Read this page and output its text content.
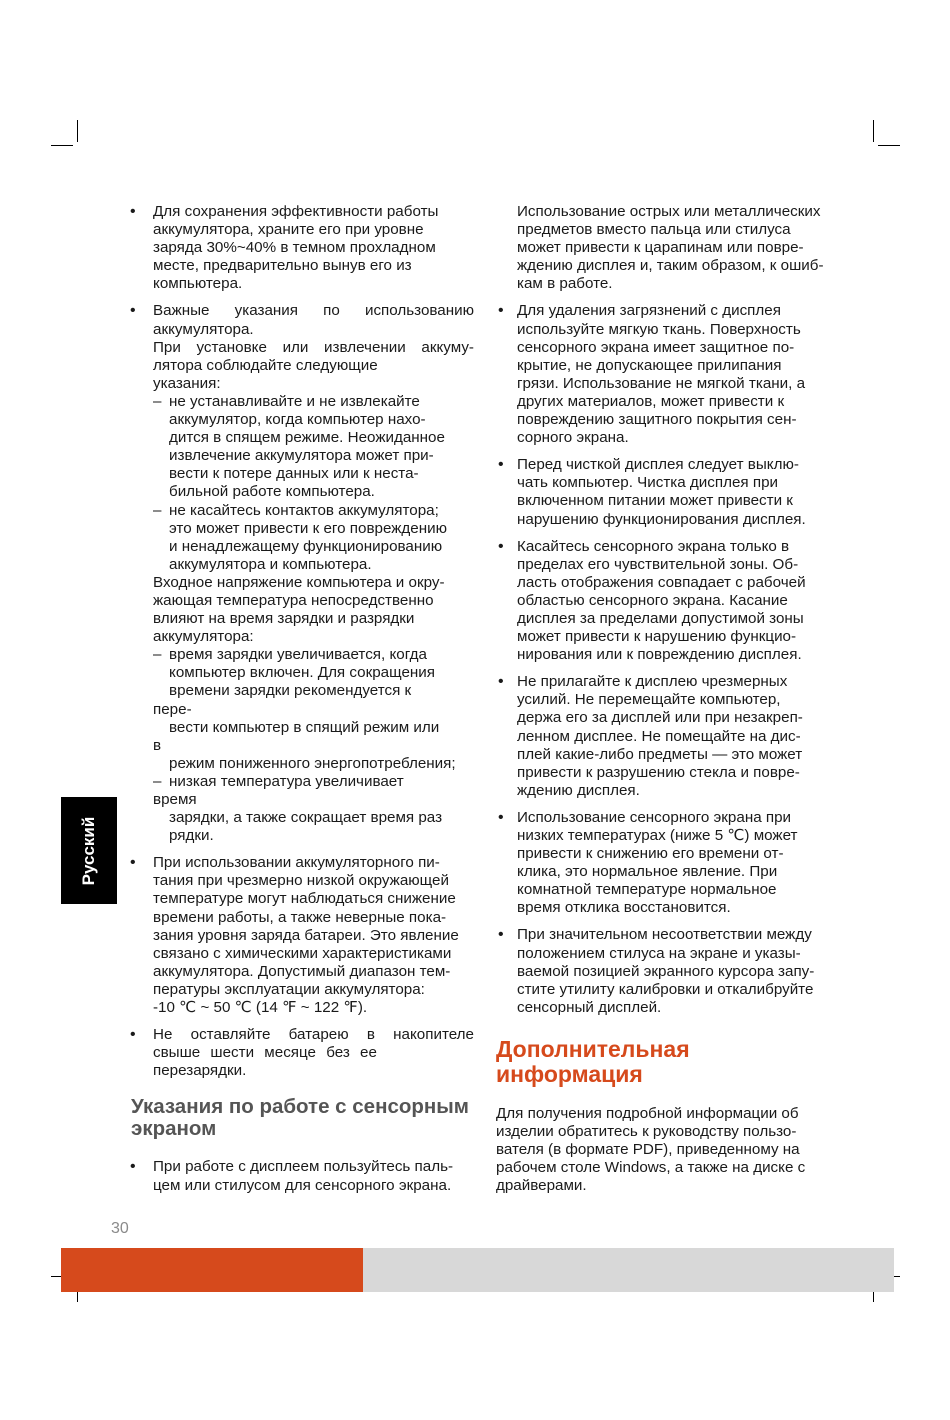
Русский
• Для сохранения эффективности работы
аккумулятора, храните его при уровне
заряда 30%~40% в темном прохладном
месте, предварительно вынув его из
компьютера.
• Важные указания по использованию
аккумулятора.
При установке или извлечении аккуму-
лятора соблюдайте следующие
указания:
– не устанавливайте и не извлекайте
аккумулятор, когда компьютер нахо-
дится в спящем режиме. Неожиданное
извлечение аккумулятора может при-
вести к потере данных или к неста-
бильной работе компьютера.
– не касайтесь контактов аккумулятора;
это может привести к его повреждению
и ненадлежащему функционированию
аккумулятора и компьютера.
Входное напряжение компьютера и окру-
жающая температура непосредственно
влияют на время зарядки и разрядки
аккумулятора:
– время зарядки увеличивается, когда
компьютер включен. Для сокращения
времени зарядки рекомендуется к
пере-
вести компьютер в спящий режим или
в
режим пониженного энергопотребления;
– низкая температура увеличивает
время
зарядки, а также сокращает время раз
рядки.
• При использовании аккумуляторного пи-
тания при чрезмерно низкой окружающей
температуре могут наблюдаться снижение
времени работы, а также неверные пока-
зания уровня заряда батареи. Это явление
связано с химическими характеристиками
аккумулятора. Допустимый диапазон тем-
пературы эксплуатации аккумулятора:
-10 ℃ ~ 50 ℃ (14 ℉ ~ 122 ℉).
• Не оставляйте батарею в накопителе
свыше шести месяце без ее
перезарядки.
Указания по работе с сенсорным
экраном
• При работе с дисплеем пользуйтесь паль-
цем или стилусом для сенсорного экрана.
Использование острых или металлических
предметов вместо пальца или стилуса
может привести к царапинам или повре-
ждению дисплея и, таким образом, к ошиб-
кам в работе.
• Для удаления загрязнений с дисплея
используйте мягкую ткань. Поверхность
сенсорного экрана имеет защитное по-
крытие, не допускающее прилипания
грязи. Использование не мягкой ткани, а
других материалов, может привести к
повреждению защитного покрытия сен-
сорного экрана.
• Перед чисткой дисплея следует выклю-
чать компьютер. Чистка дисплея при
включенном питании может привести к
нарушению функционирования дисплея.
• Касайтесь сенсорного экрана только в
пределах его чувствительной зоны. Об-
ласть отображения совпадает с рабочей
областью сенсорного экрана. Касание
дисплея за пределами допустимой зоны
может привести к нарушению функцио-
нирования или к повреждению дисплея.
• Не прилагайте к дисплею чрезмерных
усилий. Не перемещайте компьютер,
держа его за дисплей или при незакреп-
ленном дисплее. Не помещайте на дис-
плей какие-либо предметы — это может
привести к разрушению стекла и повре-
ждению дисплея.
• Использование сенсорного экрана при
низких температурах (ниже 5 ℃) может
привести к снижению его времени от-
клика, это нормальное явление. При
комнатной температуре нормальное
время отклика восстановится.
• При значительном несоответствии между
положением стилуса на экране и указы-
ваемой позицией экранного курсора запу-
стите утилиту калибровки и откалибруйте
сенсорный дисплей.
Дополнительная
информация
Для получения подробной информации об
изделии обратитесь к руководству пользо-
вателя (в формате PDF), приведенному на
рабочем столе Windows, а также на диске с
драйверами.
30
